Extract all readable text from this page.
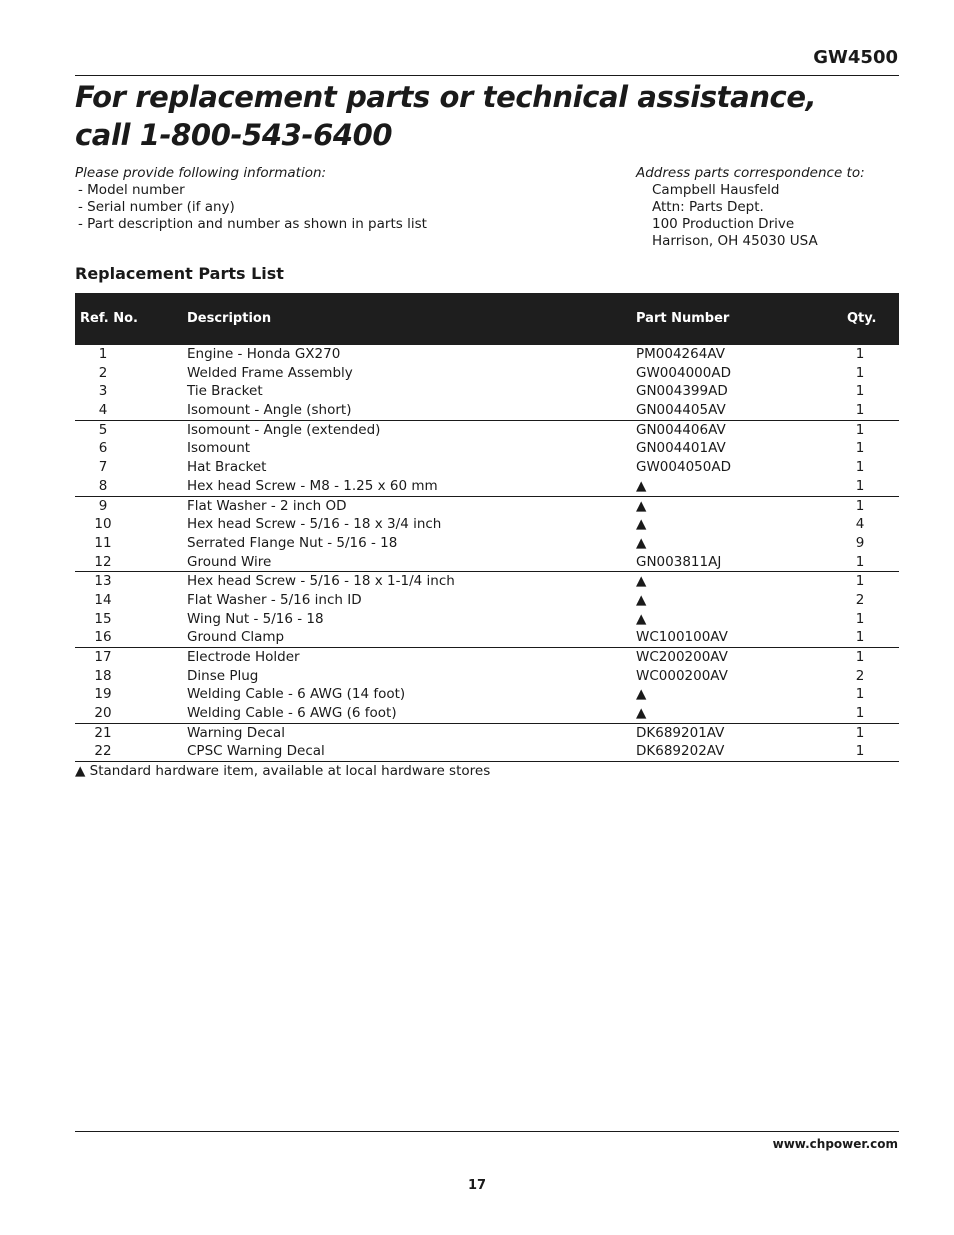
GW4500
For replacement parts or technical assistance,
call 1-800-543-6400
Please provide following information:
- Model number
- Serial number (if any)
- Part description and number as shown in parts list
Address parts correspondence to:
Campbell Hausfeld
Attn: Parts Dept.
100 Production Drive
Harrison, OH 45030 USA
Replacement Parts List
Ref. No.	Description	Part Number	Qty.
1	Engine - Honda GX270	PM004264AV	1
2	Welded Frame Assembly	GW004000AD	1
3	Tie Bracket	GN004399AD	1
4	Isomount - Angle (short)	GN004405AV	1
5	Isomount - Angle (extended)	GN004406AV	1
6	Isomount	GN004401AV	1
7	Hat Bracket	GW004050AD	1
8	Hex head Screw - M8 - 1.25 x 60 mm	▲	1
9	Flat Washer - 2 inch OD	▲	1
10	Hex head Screw - 5/16 - 18 x 3/4 inch	▲	4
11	Serrated Flange Nut - 5/16 - 18	▲	9
12	Ground Wire	GN003811AJ	1
13	Hex head Screw - 5/16 - 18 x 1-1/4 inch	▲	1
14	Flat Washer - 5/16 inch ID	▲	2
15	Wing Nut - 5/16 - 18	▲	1
16	Ground Clamp	WC100100AV	1
17	Electrode Holder	WC200200AV	1
18	Dinse Plug	WC000200AV	2
19	Welding Cable - 6 AWG (14 foot)	▲	1
20	Welding Cable - 6 AWG (6 foot)	▲	1
21	Warning Decal	DK689201AV	1
22	CPSC Warning Decal	DK689202AV	1
▲ Standard hardware item, available at local hardware stores
www.chpower.com
17
